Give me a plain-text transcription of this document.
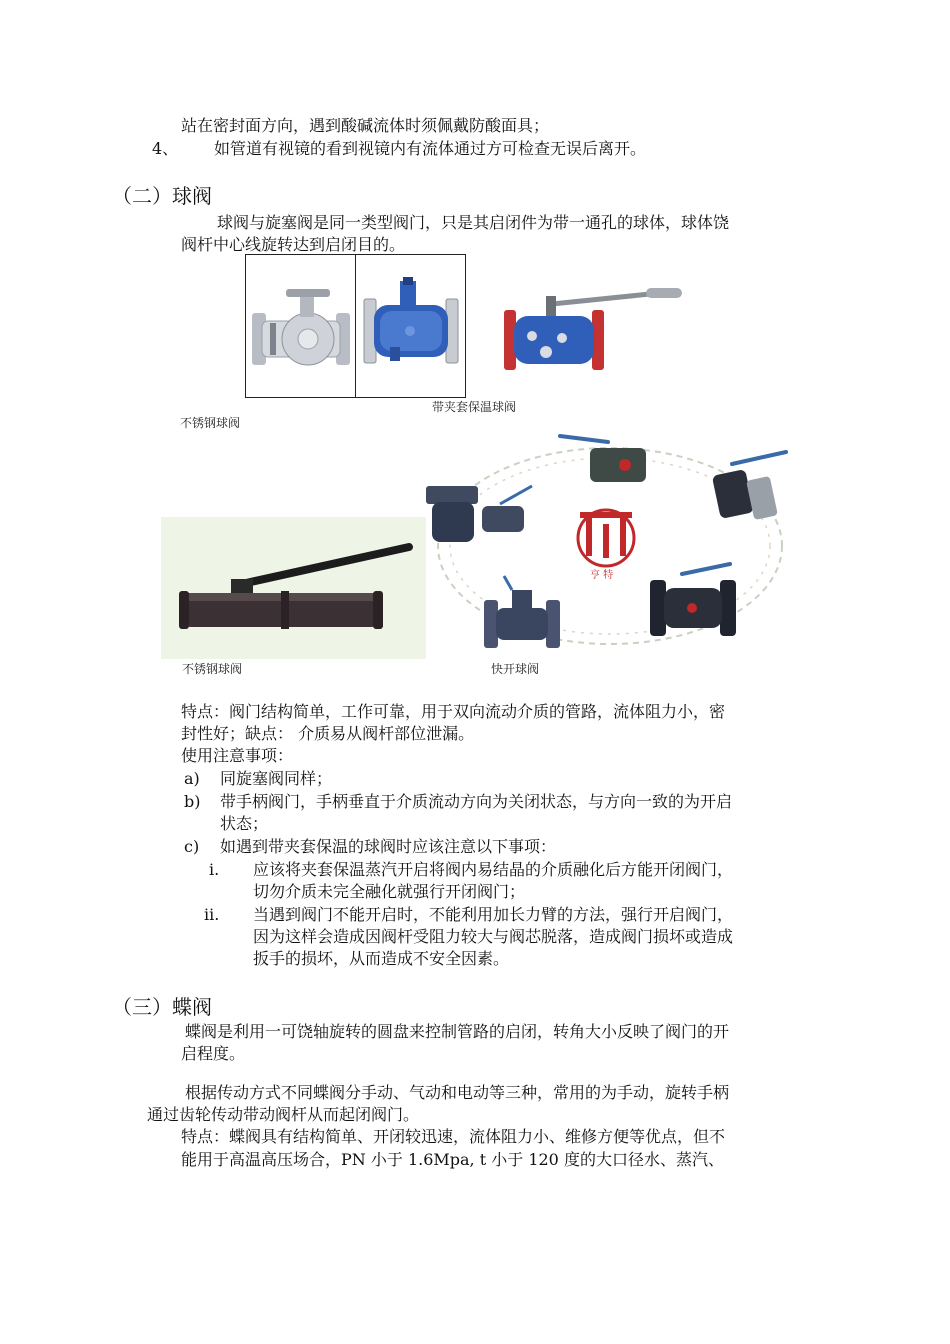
站在密封面方向，遇到酸碱流体时须佩戴防酸面具；
4、 如管道有视镜的看到视镜内有流体通过方可检查无误后离开。
（二）球阀
球阀与旋塞阀是同一类型阀门，只是其启闭件为带一通孔的球体，球体饶
阀杆中心线旋转达到启闭目的。
带夹套保温球阀
不锈钢球阀
亨 特
不锈钢球阀	快开球阀
特点：阀门结构简单，工作可靠，用于双向流动介质的管路，流体阻力小，密
封性好；缺点： 介质易从阀杆部位泄漏。
使用注意事项：
a) 同旋塞阀同样；
b) 带手柄阀门，手柄垂直于介质流动方向为关闭状态，与方向一致的为开启
状态；
c) 如遇到带夹套保温的球阀时应该注意以下事项：
i. 应该将夹套保温蒸汽开启将阀内易结晶的介质融化后方能开闭阀门，
切勿介质未完全融化就强行开闭阀门；
ii. 当遇到阀门不能开启时，不能利用加长力臂的方法，强行开启阀门，
因为这样会造成因阀杆受阻力较大与阀芯脱落，造成阀门损坏或造成
扳手的损坏，从而造成不安全因素。
（三）蝶阀
蝶阀是利用一可饶轴旋转的圆盘来控制管路的启闭，转角大小反映了阀门的开
启程度。
根据传动方式不同蝶阀分手动、气动和电动等三种，常用的为手动，旋转手柄
通过齿轮传动带动阀杆从而起闭阀门。
特点：蝶阀具有结构简单、开闭较迅速，流体阻力小、维修方便等优点，但不
能用于高温高压场合，PN 小于 1.6Mpa, t 小于 120 度的大口径水、蒸汽、
